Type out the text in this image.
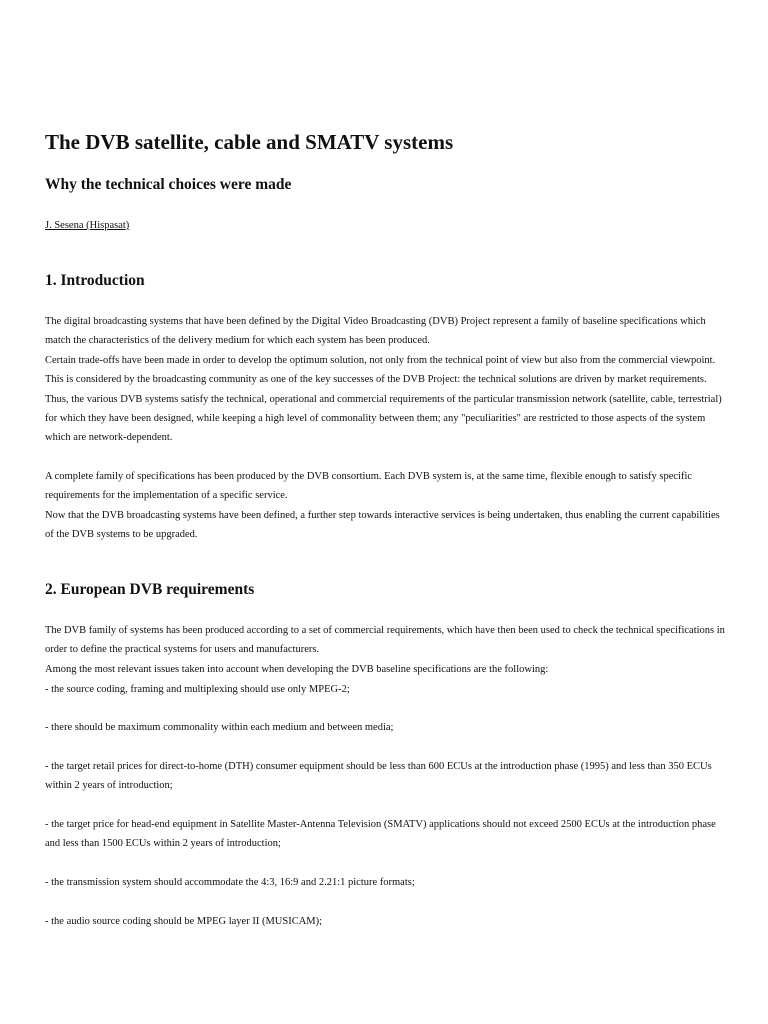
The DVB satellite, cable and SMATV systems
Why the technical choices were made

J. Sesena (Hispasat)

1. Introduction

The digital broadcasting systems that have been defined by the Digital Video Broadcasting (DVB) Project represent a family of baseline specifications which match the characteristics of the delivery medium for which each system has been produced.

Certain trade-offs have been made in order to develop the optimum solution, not only from the technical point of view but also from the commercial viewpoint. This is considered by the broadcasting community as one of the key successes of the DVB Project: the technical solutions are driven by market requirements. Thus, the various DVB systems satisfy the technical, operational and commercial requirements of the particular transmission network (satellite, cable, terrestrial) for which they have been designed, while keeping a high level of commonality between them; any "peculiarities" are restricted to those aspects of the system which are network-dependent.

A complete family of specifications has been produced by the DVB consortium. Each DVB system is, at the same time, flexible enough to satisfy specific requirements for the implementation of a specific service.

Now that the DVB broadcasting systems have been defined, a further step towards interactive services is being undertaken, thus enabling the current capabilities of the DVB systems to be upgraded.

2. European DVB requirements

The DVB family of systems has been produced according to a set of commercial requirements, which have then been used to check the technical specifications in order to define the practical systems for users and manufacturers.

Among the most relevant issues taken into account when developing the DVB baseline specifications are the following:

- the source coding, framing and multiplexing should use only MPEG-2;

- there should be maximum commonality within each medium and between media;

- the target retail prices for direct-to-home (DTH) consumer equipment should be less than 600 ECUs at the introduction phase (1995) and less than 350 ECUs within 2 years of introduction;

- the target price for head-end equipment in Satellite Master-Antenna Television (SMATV) applications should not exceed 2500 ECUs at the introduction phase and less than 1500 ECUs within 2 years of introduction;

- the transmission system should accommodate the 4:3, 16:9 and 2.21:1 picture formats;

- the audio source coding should be MPEG layer II (MUSICAM);
